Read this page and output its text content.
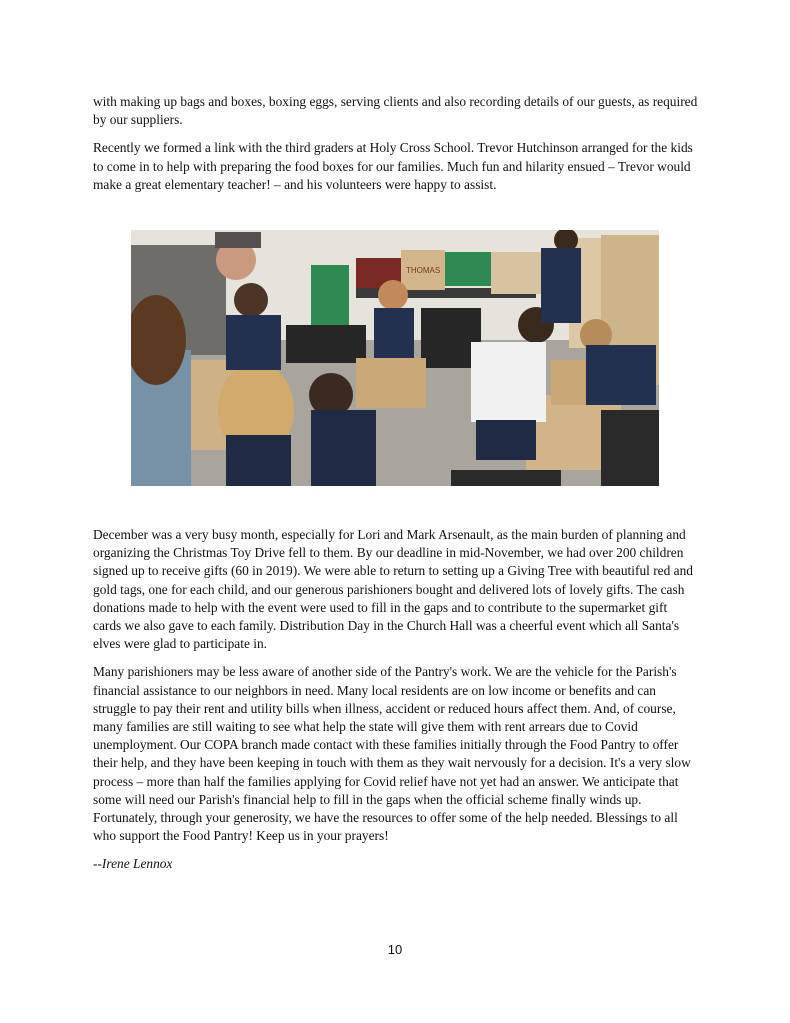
with making up bags and boxes, boxing eggs, serving clients and also recording details of our guests, as required by our suppliers.

Recently we formed a link with the third graders at Holy Cross School. Trevor Hutchinson arranged for the kids to come in to help with preparing the food boxes for our families. Much fun and hilarity ensued – Trevor would make a great elementary teacher! – and his volunteers were happy to assist.

THOMAS

December was a very busy month, especially for Lori and Mark Arsenault, as the main burden of planning and organizing the Christmas Toy Drive fell to them. By our deadline in mid-November, we had over 200 children signed up to receive gifts (60 in 2019). We were able to return to setting up a Giving Tree with beautiful red and gold tags, one for each child, and our generous parishioners bought and delivered lots of lovely gifts. The cash donations made to help with the event were used to fill in the gaps and to contribute to the supermarket gift cards we also gave to each family. Distribution Day in the Church Hall was a cheerful event which all Santa's elves were glad to participate in.

Many parishioners may be less aware of another side of the Pantry's work. We are the vehicle for the Parish's financial assistance to our neighbors in need. Many local residents are on low income or benefits and can struggle to pay their rent and utility bills when illness, accident or reduced hours affect them. And, of course, many families are still waiting to see what help the state will give them with rent arrears due to Covid unemployment. Our COPA branch made contact with these families initially through the Food Pantry to offer their help, and they have been keeping in touch with them as they wait nervously for a decision. It's a very slow process – more than half the families applying for Covid relief have not yet had an answer. We anticipate that some will need our Parish's financial help to fill in the gaps when the official scheme finally winds up. Fortunately, through your generosity, we have the resources to offer some of the help needed. Blessings to all who support the Food Pantry! Keep us in your prayers!

--Irene Lennox

10
